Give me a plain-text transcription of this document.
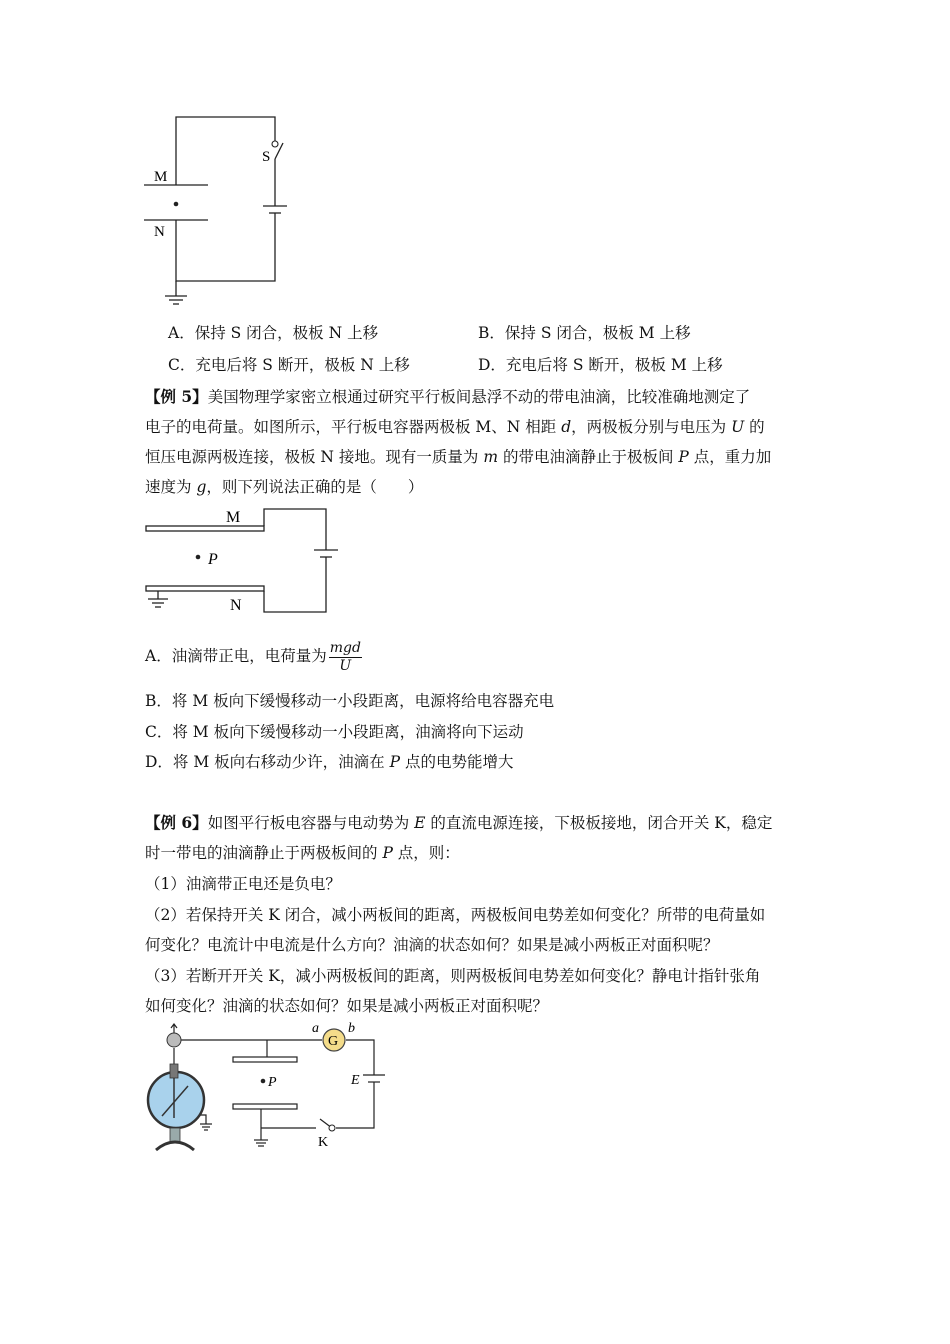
M
N
S
A．保持 S 闭合，极板 N 上移	B．保持 S 闭合，极板 M 上移
C．充电后将 S 断开，极板 N 上移	D．充电后将 S 断开，极板 M 上移
【例 5】美国物理学家密立根通过研究平行板间悬浮不动的带电油滴，比较准确地测定了
电子的电荷量。如图所示，平行板电容器两极板 M、N 相距 d，两极板分别与电压为 U 的
恒压电源两极连接，极板 N 接地。现有一质量为 m 的带电油滴静止于极板间 P 点，重力加
速度为 g，则下列说法正确的是（　　）
M
N
P
A．油滴带正电，电荷量为 $\frac{\text{mgd}}{U}$
B．将 M 板向下缓慢移动一小段距离，电源将给电容器充电
C．将 M 板向下缓慢移动一小段距离，油滴将向下运动
D．将 M 板向右移动少许，油滴在 P 点的电势能增大
【例 6】如图平行板电容器与电动势为 E 的直流电源连接，下极板接地，闭合开关 K，稳定
时一带电的油滴静止于两极板间的 P 点，则：
（1）油滴带正电还是负电？
（2）若保持开关 K 闭合，减小两板间的距离，两极板间电势差如何变化？所带的电荷量如
何变化？电流计中电流是什么方向？油滴的状态如何？如果是减小两板正对面积呢？
（3）若断开开关 K，减小两极板间的距离，则两极板间电势差如何变化？静电计指针张角
如何变化？油滴的状态如何？如果是减小两板正对面积呢？
G
a b
E
P
K
